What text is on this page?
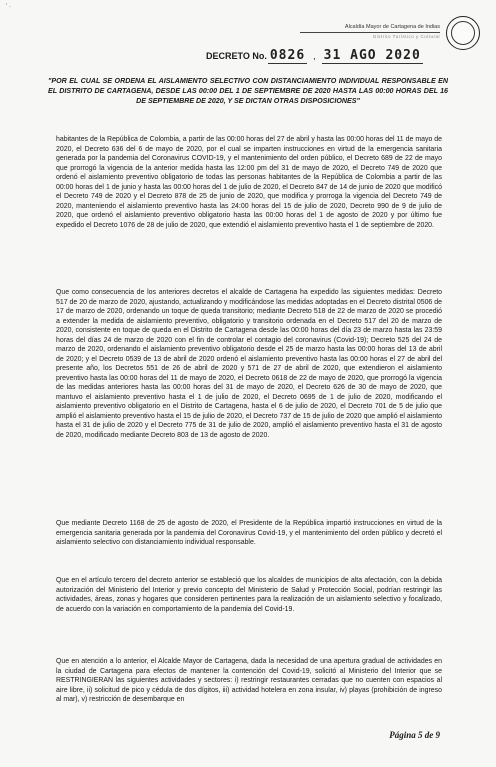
' ·
Alcaldía Mayor de Cartagena de Indias
Distrito Turístico y Cultural
DECRETO No. 0826 , 31 AGO 2020
"POR EL CUAL SE ORDENA EL AISLAMIENTO SELECTIVO CON DISTANCIAMIENTO INDIVIDUAL RESPONSABLE EN EL DISTRITO DE CARTAGENA, DESDE LAS 00:00 DEL 1 DE SEPTIEMBRE DE 2020 HASTA LAS 00:00 HORAS DEL 16 DE SEPTIEMBRE DE 2020, Y SE DICTAN OTRAS DISPOSICIONES"
habitantes de la República de Colombia, a partir de las 00:00 horas del 27 de abril y hasta las 00:00 horas del 11 de mayo de 2020, el Decreto 636 del 6 de mayo de 2020, por el cual se imparten instrucciones en virtud de la emergencia sanitaria generada por la pandemia del Coronavirus COVID-19, y el mantenimiento del orden público, el Decreto 689 de 22 de mayo que prorrogó la vigencia de la anterior medida hasta las 12:00 pm del 31 de mayo de 2020, el Decreto 749 de 2020 que ordenó el aislamiento preventivo obligatorio de todas las personas habitantes de la República de Colombia a partir de las 00:00 horas del 1 de junio y hasta las 00:00 horas del 1 de julio de 2020, el Decreto 847 de 14 de junio de 2020 que modificó el Decreto 749 de 2020 y el Decreto 878 de 25 de junio de 2020, que modifica y prorroga la vigencia del Decreto 749 de 2020, manteniendo el aislamiento preventivo hasta las 24:00 horas del 15 de julio de 2020, Decreto 990 de 9 de julio de 2020, que ordenó el aislamiento preventivo obligatorio hasta las 00:00 horas del 1 de agosto de 2020 y por último fue expedido el Decreto 1076 de 28 de julio de 2020, que extendió el aislamiento preventivo hasta el 1 de septiembre de 2020.
Que como consecuencia de los anteriores decretos el alcalde de Cartagena ha expedido las siguientes medidas: Decreto 517 de 20 de marzo de 2020, ajustando, actualizando y modificándose las medidas adoptadas en el Decreto distrital 0506 de 17 de marzo de 2020, ordenando un toque de queda transitorio; mediante Decreto 518 de 22 de marzo de 2020 se procedió a extender la medida de aislamiento preventivo, obligatorio y transitorio ordenada en el Decreto 517 del 20 de marzo de 2020, consistente en toque de queda en el Distrito de Cartagena desde las 00:00 horas del día 23 de marzo hasta las 23:59 horas del días 24 de marzo de 2020 con el fin de controlar el contagio del coronavirus (Covid-19); Decreto 525 del 24 de marzo de 2020, ordenando el aislamiento preventivo obligatorio desde el 25 de marzo hasta las 00:00 horas del 13 de abril de 2020; y el Decreto 0539 de 13 de abril de 2020 ordenó el aislamiento preventivo hasta las 00:00 horas el 27 de abril del presente año, los Decretos 551 de 26 de abril de 2020 y 571 de 27 de abril de 2020, que extendieron el aislamiento preventivo hasta las 00:00 horas del 11 de mayo de 2020, el Decreto 0618 de 22 de mayo de 2020, que prorrogó la vigencia de las medidas anteriores hasta las 00:00 horas del 31 de mayo de 2020, el Decreto 626 de 30 de mayo de 2020, que mantuvo el aislamiento preventivo hasta el 1 de julio de 2020, el Decreto 0695 de 1 de julio de 2020, modificando el aislamiento preventivo obligatorio en el Distrito de Cartagena, hasta el 6 de julio de 2020, el Decreto 701 de 5 de julio que amplió el aislamiento preventivo hasta el 15 de julio de 2020, el Decreto 737 de 15 de julio de 2020 que amplió el aislamiento hasta el 31 de julio de 2020 y el Decreto 775 de 31 de julio de 2020, amplió el aislamiento preventivo hasta el 31 de agosto de 2020, modificado mediante Decreto 803 de 13 de agosto de 2020.
Que mediante Decreto 1168 de 25 de agosto de 2020, el Presidente de la República impartió instrucciones en virtud de la emergencia sanitaria generada por la pandemia del Coronavirus Covid-19, y el mantenimiento del orden público y decretó el aislamiento selectivo con distanciamiento individual responsable.
Que en el artículo tercero del decreto anterior se estableció que los alcaldes de municipios de alta afectación, con la debida autorización del Ministerio del Interior y previo concepto del Ministerio de Salud y Protección Social, podrían restringir las actividades, áreas, zonas y hogares que consideren pertinentes para la realización de un aislamiento selectivo y focalizado, de acuerdo con la variación en comportamiento de la pandemia del Covid-19.
Que en atención a lo anterior, el Alcalde Mayor de Cartagena, dada la necesidad de una apertura gradual de actividades en la ciudad de Cartagena para efectos de mantener la contención del Covid-19, solicitó al Ministerio del Interior que se RESTRINGIERAN las siguientes actividades y sectores: i) restringir restaurantes cerradas que no cuenten con espacios al aire libre, ii) solicitud de pico y cédula de dos dígitos, iii) actividad hotelera en zona insular, iv) playas (prohibición de ingreso al mar), v) restricción de desembarque en
Página 5 de 9
